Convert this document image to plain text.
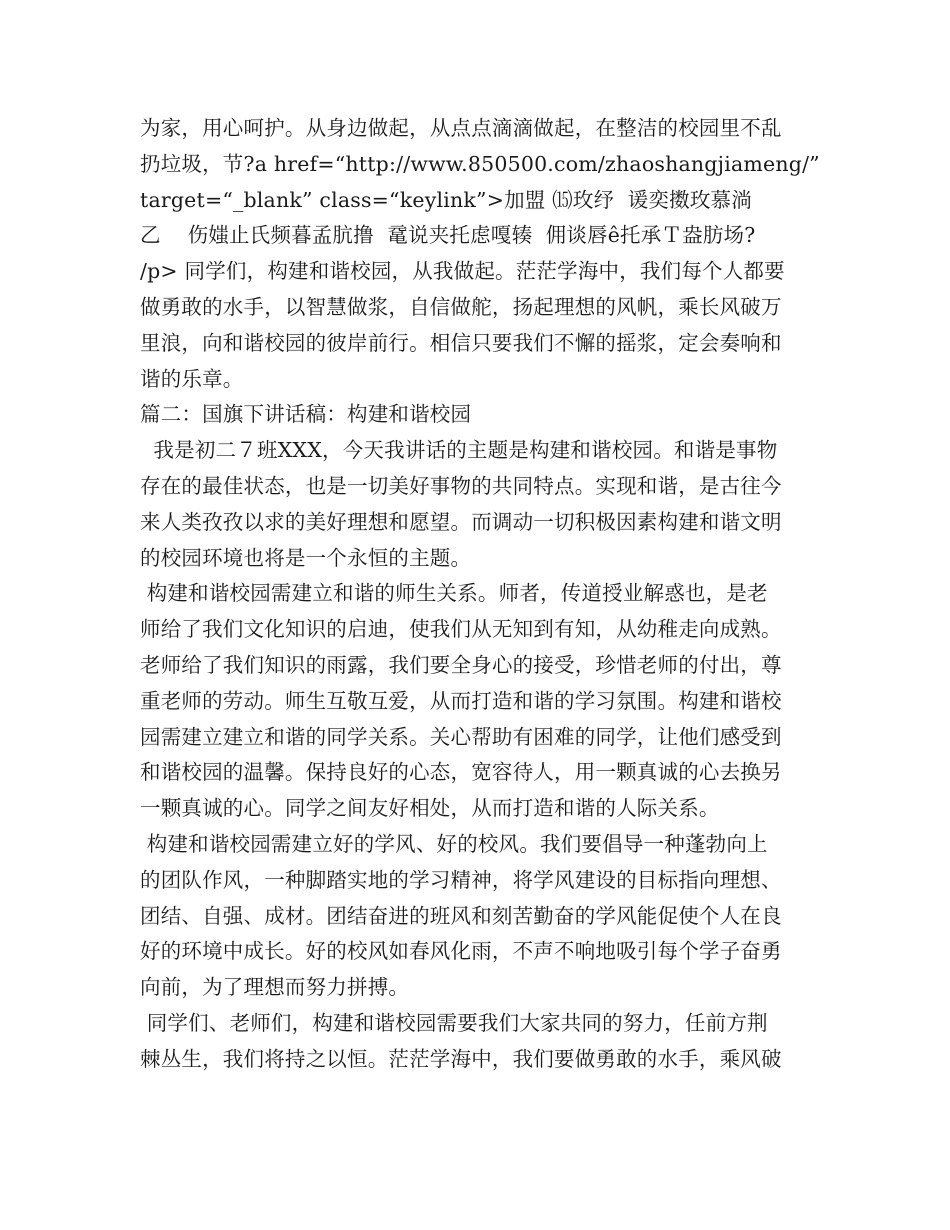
为家，用心呵护。从身边做起，从点点滴滴做起，在整洁的校园里不乱
扔垃圾，节?a href=“http://www.850500.com/zhaoshangjiameng/”
target=“_blank” class=“keylink”>加盟 ⒂玫纾  谖奕擞玫慕淌
乙    伤媸止氏频暮孟肮撸  鼋说夹托虑嘎辏  佣谈唇ê托承Ｔ盎肪场?
/p> 同学们，构建和谐校园，从我做起。茫茫学海中，我们每个人都要
做勇敢的水手，以智慧做浆，自信做舵，扬起理想的风帆，乘长风破万
里浪，向和谐校园的彼岸前行。相信只要我们不懈的摇浆，定会奏响和
谐的乐章。
篇二：国旗下讲话稿：构建和谐校园
我是初二７班XXX，今天我讲话的主题是构建和谐校园。和谐是事物
存在的最佳状态，也是一切美好事物的共同特点。实现和谐，是古往今
来人类孜孜以求的美好理想和愿望。而调动一切积极因素构建和谐文明
的校园环境也将是一个永恒的主题。
构建和谐校园需建立和谐的师生关系。师者，传道授业解惑也，是老
师给了我们文化知识的启迪，使我们从无知到有知，从幼稚走向成熟。
老师给了我们知识的雨露，我们要全身心的接受，珍惜老师的付出，尊
重老师的劳动。师生互敬互爱，从而打造和谐的学习氛围。构建和谐校
园需建立建立和谐的同学关系。关心帮助有困难的同学，让他们感受到
和谐校园的温馨。保持良好的心态，宽容待人，用一颗真诚的心去换另
一颗真诚的心。同学之间友好相处，从而打造和谐的人际关系。
构建和谐校园需建立好的学风、好的校风。我们要倡导一种蓬勃向上
的团队作风，一种脚踏实地的学习精神，将学风建设的目标指向理想、
团结、自强、成材。团结奋进的班风和刻苦勤奋的学风能促使个人在良
好的环境中成长。好的校风如春风化雨，不声不响地吸引每个学子奋勇
向前，为了理想而努力拼搏。
同学们、老师们，构建和谐校园需要我们大家共同的努力，任前方荆
棘丛生，我们将持之以恒。茫茫学海中，我们要做勇敢的水手，乘风破
